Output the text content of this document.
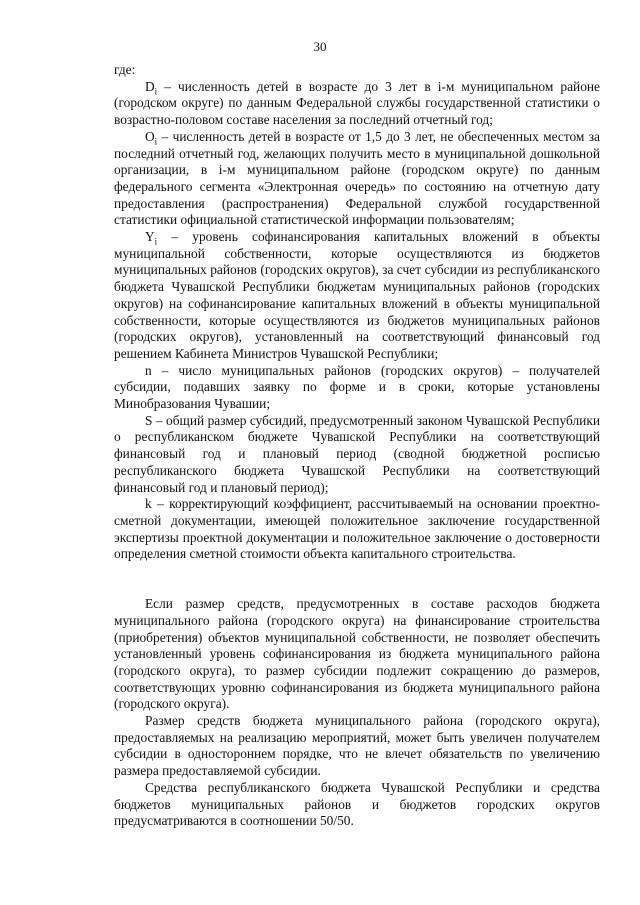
30

где:

$D_i$ – численность детей в возрасте до 3 лет в i-м муниципальном районе (городском округе) по данным Федеральной службы государственной статистики о возрастно-половом составе населения за последний отчетный год;

$O_i$ – численность детей в возрасте от 1,5 до 3 лет, не обеспеченных местом за последний отчетный год, желающих получить место в муниципальной дошкольной организации, в i-м муниципальном районе (городском округе) по данным федерального сегмента «Электронная очередь» по состоянию на отчетную дату предоставления (распространения) Федеральной службой государственной статистики официальной статистической информации пользователям;

$Y_i$ – уровень софинансирования капитальных вложений в объекты муниципальной собственности, которые осуществляются из бюджетов муниципальных районов (городских округов), за счет субсидии из республиканского бюджета Чувашской Республики бюджетам муниципальных районов (городских округов) на софинансирование капитальных вложений в объекты муниципальной собственности, которые осуществляются из бюджетов муниципальных районов (городских округов), установленный на соответствующий финансовый год решением Кабинета Министров Чувашской Республики;

n – число муниципальных районов (городских округов) – получателей субсидии, подавших заявку по форме и в сроки, которые установлены Минобразования Чувашии;

S – общий размер субсидий, предусмотренный законом Чувашской Республики о республиканском бюджете Чувашской Республики на соответствующий финансовый год и плановый период (сводной бюджетной росписью республиканского бюджета Чувашской Республики на соответствующий финансовый год и плановый период);

k – корректирующий коэффициент, рассчитываемый на основании проектно-сметной документации, имеющей положительное заключение государственной экспертизы проектной документации и положительное заключение о достоверности определения сметной стоимости объекта капитального строительства.

Если размер средств, предусмотренных в составе расходов бюджета муниципального района (городского округа) на финансирование строительства (приобретения) объектов муниципальной собственности, не позволяет обеспечить установленный уровень софинансирования из бюджета муниципального района (городского округа), то размер субсидии подлежит сокращению до размеров, соответствующих уровню софинансирования из бюджета муниципального района (городского округа).

Размер средств бюджета муниципального района (городского округа), предоставляемых на реализацию мероприятий, может быть увеличен получателем субсидии в одностороннем порядке, что не влечет обязательств по увеличению размера предоставляемой субсидии.

Средства республиканского бюджета Чувашской Республики и средства бюджетов муниципальных районов и бюджетов городских округов предусматриваются в соотношении 50/50.
